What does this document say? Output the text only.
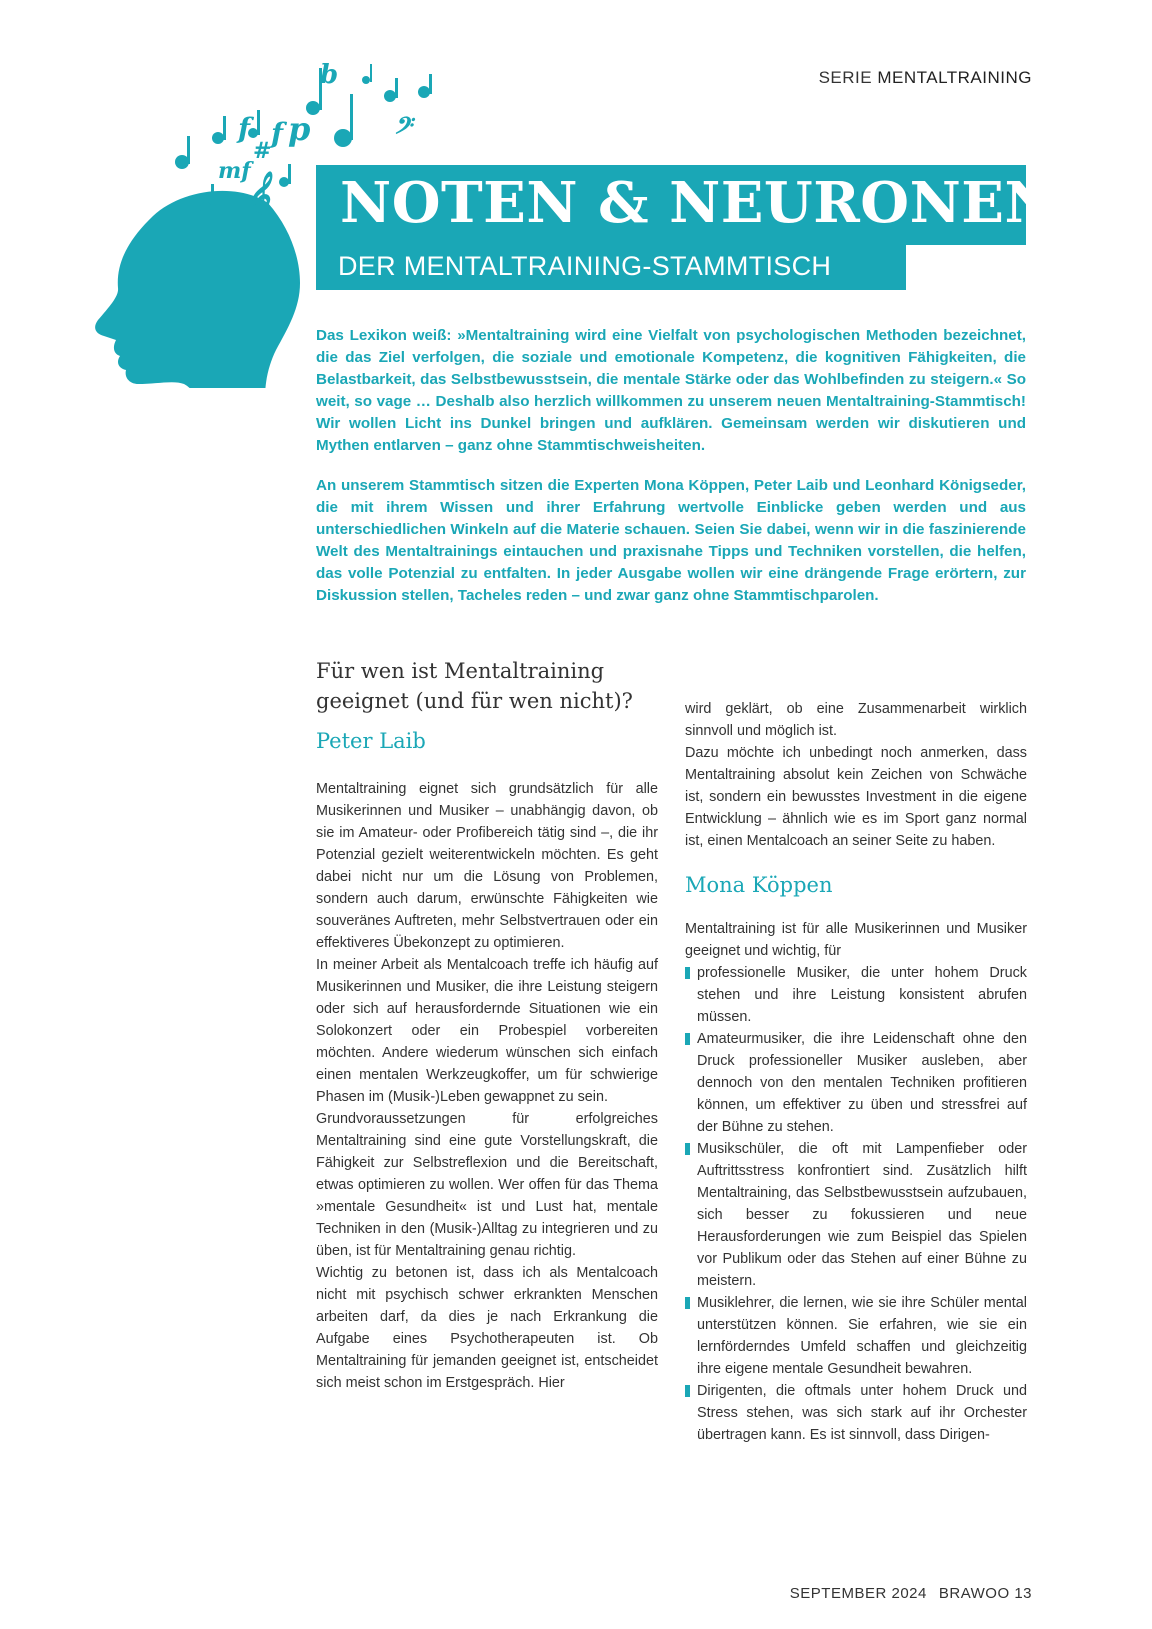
SERIE MENTALTRAINING
f f p
mf
#
𝄞
b
𝄢
NOTEN & NEURONEN
DER MENTALTRAINING-STAMMTISCH

Das Lexikon weiß: »Mentaltraining wird eine Vielfalt von psychologischen Methoden bezeichnet, die das Ziel verfolgen, die soziale und emotionale Kompetenz, die kognitiven Fähigkeiten, die Belastbarkeit, das Selbstbewusstsein, die mentale Stärke oder das Wohlbefinden zu steigern.« So weit, so vage … Deshalb also herzlich willkommen zu unserem neuen Mentaltraining-Stammtisch! Wir wollen Licht ins Dunkel bringen und aufklären. Gemeinsam werden wir diskutieren und Mythen entlarven – ganz ohne Stammtischweisheiten.

An unserem Stammtisch sitzen die Experten Mona Köppen, Peter Laib und Leonhard Königseder, die mit ihrem Wissen und ihrer Erfahrung wertvolle Einblicke geben werden und aus unterschiedlichen Winkeln auf die Materie schauen. Seien Sie dabei, wenn wir in die faszinierende Welt des Mentaltrainings eintauchen und praxisnahe Tipps und Techniken vorstellen, die helfen, das volle Potenzial zu entfalten. In jeder Ausgabe wollen wir eine drängende Frage erörtern, zur Diskussion stellen, Tacheles reden – und zwar ganz ohne Stammtischparolen.

Für wen ist Mentaltraining geeignet (und für wen nicht)?
Peter Laib

Mentaltraining eignet sich grundsätzlich für alle Musikerinnen und Musiker – unabhängig davon, ob sie im Amateur- oder Profibereich tätig sind –, die ihr Potenzial gezielt weiterentwickeln möchten. Es geht dabei nicht nur um die Lösung von Problemen, sondern auch darum, erwünschte Fähigkeiten wie souveränes Auftreten, mehr Selbstvertrauen oder ein effektiveres Übekonzept zu optimieren.

In meiner Arbeit als Mentalcoach treffe ich häufig auf Musikerinnen und Musiker, die ihre Leistung steigern oder sich auf herausfordernde Situationen wie ein Solokonzert oder ein Probespiel vorbereiten möchten. Andere wiederum wünschen sich einfach einen mentalen Werkzeugkoffer, um für schwierige Phasen im (Musik-)Leben gewappnet zu sein.

Grundvoraussetzungen für erfolgreiches Mentaltraining sind eine gute Vorstellungskraft, die Fähigkeit zur Selbstreflexion und die Bereitschaft, etwas optimieren zu wollen. Wer offen für das Thema »mentale Gesundheit« ist und Lust hat, mentale Techniken in den (Musik-)Alltag zu integrieren und zu üben, ist für Mentaltraining genau richtig.

Wichtig zu betonen ist, dass ich als Mentalcoach nicht mit psychisch schwer erkrankten Menschen arbeiten darf, da dies je nach Erkrankung die Aufgabe eines Psychotherapeuten ist. Ob Mentaltraining für jemanden geeignet ist, entscheidet sich meist schon im Erstgespräch. Hier

wird geklärt, ob eine Zusammenarbeit wirklich sinnvoll und möglich ist.

Dazu möchte ich unbedingt noch anmerken, dass Mentaltraining absolut kein Zeichen von Schwäche ist, sondern ein bewusstes Investment in die eigene Entwicklung – ähnlich wie es im Sport ganz normal ist, einen Mentalcoach an seiner Seite zu haben.

Mona Köppen

Mentaltraining ist für alle Musikerinnen und Musiker geeignet und wichtig, für

professionelle Musiker, die unter hohem Druck stehen und ihre Leistung konsistent abrufen müssen.
Amateurmusiker, die ihre Leidenschaft ohne den Druck professioneller Musiker ausleben, aber dennoch von den mentalen Techniken profitieren können, um effektiver zu üben und stressfrei auf der Bühne zu stehen.
Musikschüler, die oft mit Lampenfieber oder Auftrittsstress konfrontiert sind. Zusätzlich hilft Mentaltraining, das Selbstbewusstsein aufzubauen, sich besser zu fokussieren und neue Herausforderungen wie zum Beispiel das Spielen vor Publikum oder das Stehen auf einer Bühne zu meistern.
Musiklehrer, die lernen, wie sie ihre Schüler mental unterstützen können. Sie erfahren, wie sie ein lernförderndes Umfeld schaffen und gleichzeitig ihre eigene mentale Gesundheit bewahren.
Dirigenten, die oftmals unter hohem Druck und Stress stehen, was sich stark auf ihr Orchester übertragen kann. Es ist sinnvoll, dass Dirigen-
SEPTEMBER 2024 BRAWOO 13
